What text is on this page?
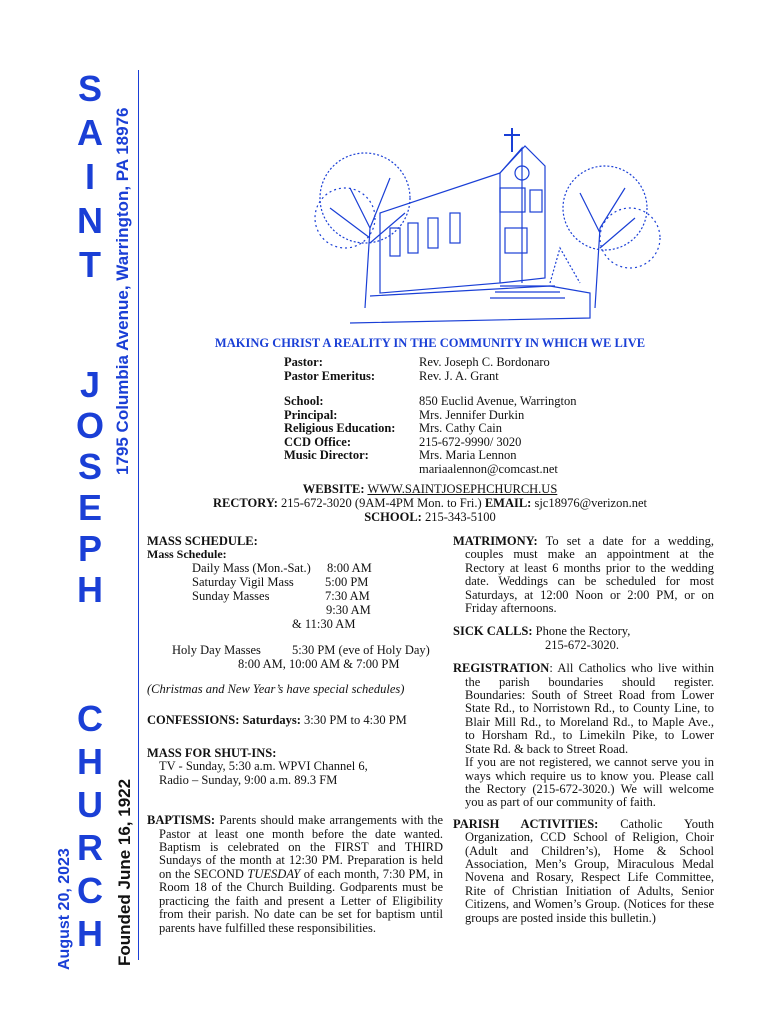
S
A
I
N
T
J
O
S
E
P
H
C
H
U
R
C
H
1795 Columbia Avenue, Warrington, PA 18976
Founded June 16, 1922
August 20, 2023
MAKING CHRIST A REALITY IN THE COMMUNITY IN WHICH WE LIVE
Pastor:
Pastor Emeritus:
School:
Principal:
Religious Education:
CCD Office:
Music Director:
Rev. Joseph C. Bordonaro
Rev. J. A. Grant
850 Euclid Avenue, Warrington
Mrs. Jennifer Durkin
Mrs. Cathy Cain
215-672-9990/ 3020
Mrs. Maria Lennon
mariaalennon@comcast.net
WEBSITE: WWW.SAINTJOSEPHCHURCH.US
RECTORY: 215-672-3020 (9AM-4PM Mon. to Fri.) EMAIL: sjc18976@verizon.net
SCHOOL: 215-343-5100
MASS SCHEDULE:
Mass Schedule:
Daily Mass (Mon.-Sat.) 8:00 AM
Saturday Vigil Mass 5:00 PM
Sunday Masses	7:30 AM
9:30 AM
& 11:30 AM
Holy Day Masses 5:30 PM (eve of Holy Day)
8:00 AM, 10:00 AM & 7:00 PM
(Christmas and New Year’s have special schedules)
CONFESSIONS: Saturdays: 3:30 PM to 4:30 PM
MASS FOR SHUT-INS:
TV - Sunday, 5:30 a.m. WPVI Channel 6,
Radio – Sunday, 9:00 a.m. 89.3 FM

BAPTISMS: Parents should make arrangements with the Pastor at least one month before the date wanted. Baptism is celebrated on the FIRST and THIRD Sundays of the month at 12:30 PM. Preparation is held on the SECOND TUESDAY of each month, 7:30 PM, in Room 18 of the Church Building. Godparents must be practicing the faith and present a Letter of Eligibility from their parish. No date can be set for baptism until parents have fulfilled these responsibilities.

MATRIMONY: To set a date for a wedding, couples must make an appointment at the Rectory at least 6 months prior to the wedding date. Weddings can be scheduled for most Saturdays, at 12:00 Noon or 2:00 PM, or on Friday afternoons.

SICK CALLS: Phone the Rectory,
215-672-3020.

REGISTRATION: All Catholics who live within the parish boundaries should register. Boundaries: South of Street Road from Lower State Rd., to Norristown Rd., to County Line, to Blair Mill Rd., to Moreland Rd., to Maple Ave., to Horsham Rd., to Limekiln Pike, to Lower State Rd. & back to Street Road.

If you are not registered, we cannot serve you in ways which require us to know you. Please call the Rectory (215-672-3020.) We will welcome you as part of our community of faith.

PARISH ACTIVITIES: Catholic Youth Organization, CCD School of Religion, Choir (Adult and Children’s), Home & School Association, Men’s Group, Miraculous Medal Novena and Rosary, Respect Life Committee, Rite of Christian Initiation of Adults, Senior Citizens, and Women’s Group. (Notices for these groups are posted inside this bulletin.)
